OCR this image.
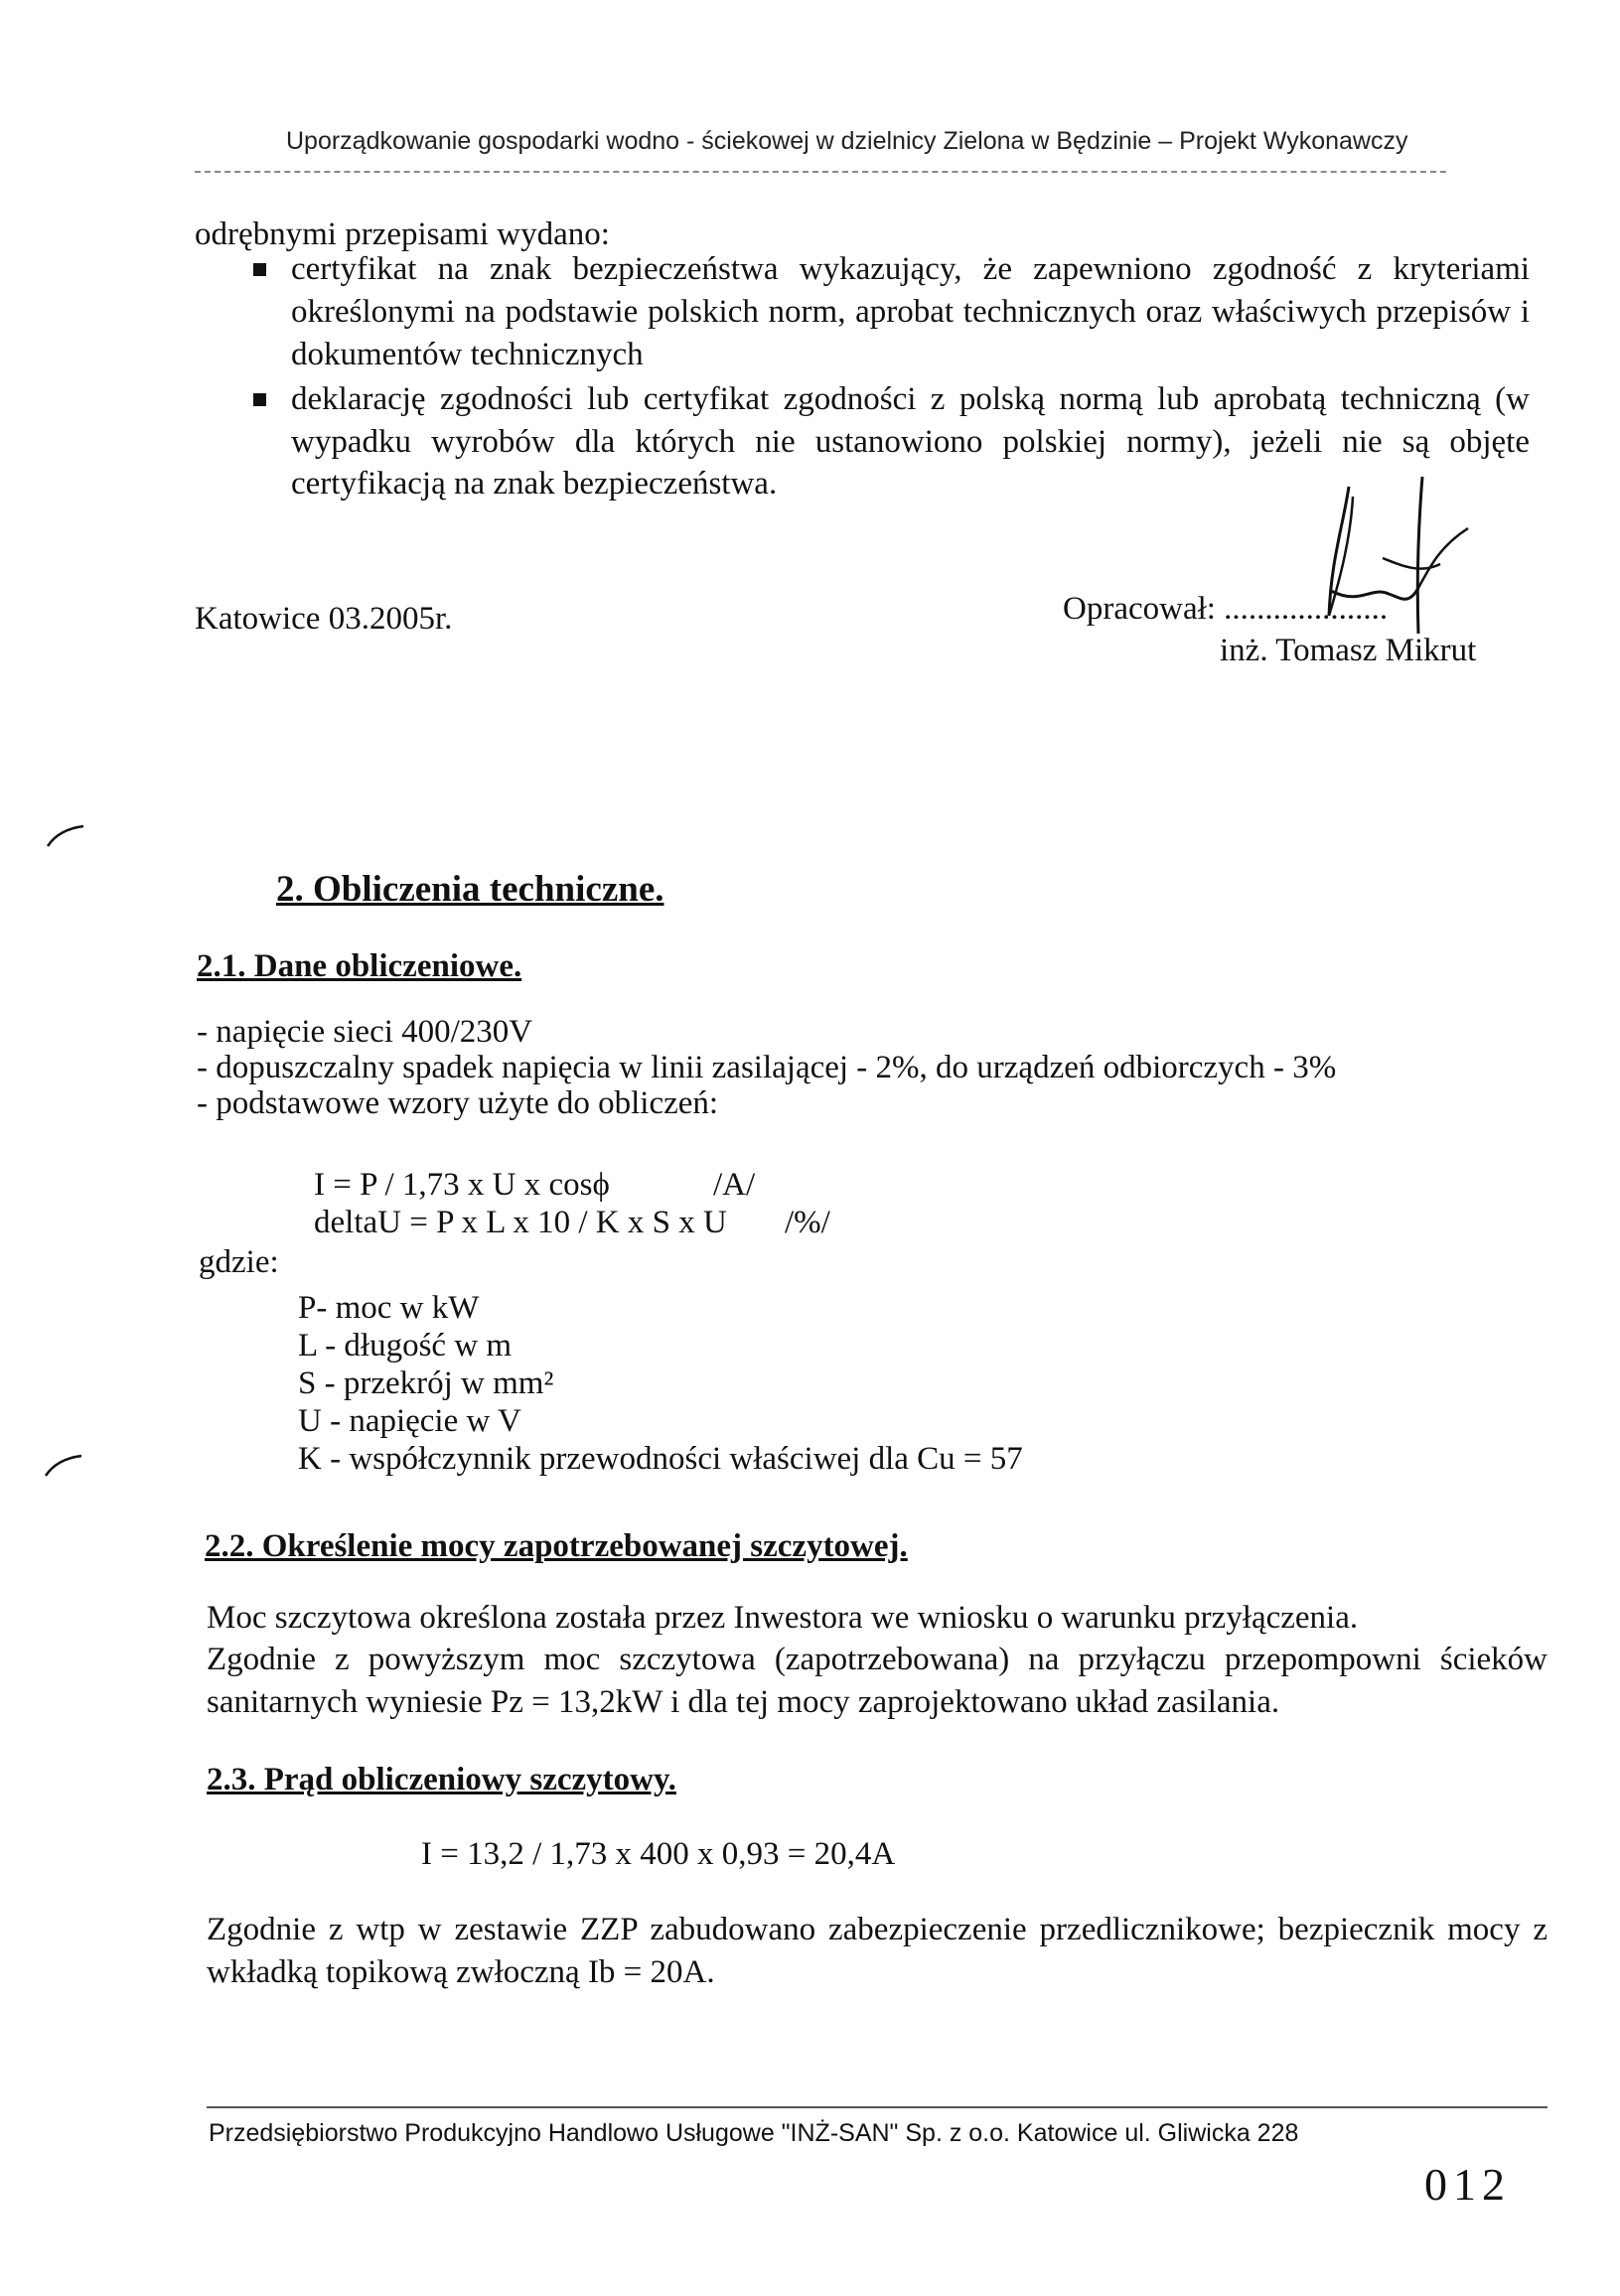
Uporządkowanie gospodarki wodno - ściekowej w dzielnicy Zielona w Będzinie – Projekt Wykonawczy
odrębnymi przepisami wydano:
certyfikat na znak bezpieczeństwa wykazujący, że zapewniono zgodność z kryteriami określonymi na podstawie polskich norm, aprobat technicznych oraz właściwych przepisów i dokumentów technicznych
deklarację zgodności lub certyfikat zgodności z polską normą lub aprobatą techniczną (w wypadku wyrobów dla których nie ustanowiono polskiej normy), jeżeli nie są objęte certyfikacją na znak bezpieczeństwa.
Katowice 03.2005r.	Opracował: ....................
inż. Tomasz Mikrut
2. Obliczenia techniczne.
2.1. Dane obliczeniowe.
- napięcie sieci 400/230V
- dopuszczalny spadek napięcia w linii zasilającej - 2%, do urządzeń odbiorczych - 3%
- podstawowe wzory użyte do obliczeń:
I = P / 1,73 x U x cosϕ	/A/
deltaU = P x L x 10 / K x S x U /%/
gdzie:
P- moc w kW
L - długość w m
S - przekrój w mm²
U - napięcie w V
K - współczynnik przewodności właściwej dla Cu = 57
2.2. Określenie mocy zapotrzebowanej szczytowej.
Moc szczytowa określona została przez Inwestora we wniosku o warunku przyłączenia.
Zgodnie z powyższym moc szczytowa (zapotrzebowana) na przyłączu przepompowni ścieków sanitarnych wyniesie Pz = 13,2kW i dla tej mocy zaprojektowano układ zasilania.
2.3. Prąd obliczeniowy szczytowy.
I = 13,2 / 1,73 x 400 x 0,93 = 20,4A
Zgodnie z wtp w zestawie ZZP zabudowano zabezpieczenie przedlicznikowe; bezpiecznik mocy z wkładką topikową zwłoczną Ib = 20A.
Przedsiębiorstwo Produkcyjno Handlowo Usługowe "INŻ-SAN" Sp. z o.o. Katowice ul. Gliwicka 228
012
